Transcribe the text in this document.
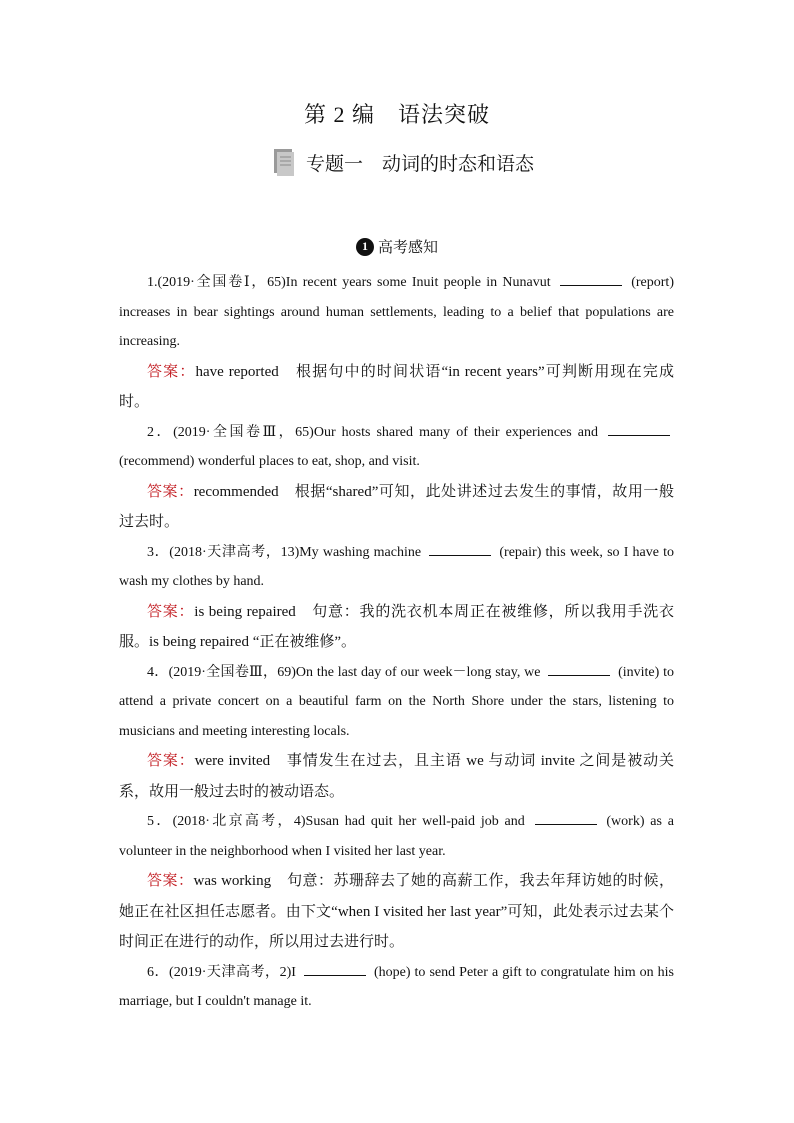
第 2 编　语法突破
专题一　动词的时态和语态
1 高考感知

1.(2019·全国卷Ⅰ，65)In recent years some Inuit people in Nunavut	(report) increases in bear sightings around human settlements, leading to a belief that populations are increasing.

答案：have reported　根据句中的时间状语“in recent years”可判断用现在完成时。

2．(2019·全国卷Ⅲ，65)Our hosts shared many of their experiences and  (recommend) wonderful places to eat, shop, and visit.

答案：recommended　根据“shared”可知，此处讲述过去发生的事情，故用一般过去时。

3．(2018·天津高考，13)My washing machine	(repair) this week, so I have to wash my clothes by hand.

答案：is being repaired　句意：我的洗衣机本周正在被维修，所以我用手洗衣服。is being repaired “正在被维修”。

4．(2019·全国卷Ⅲ，69)On the last day of our week－long stay, we	(invite) to attend a private concert on a beautiful farm on the North Shore under the stars, listening to musicians and meeting interesting locals.

答案：were invited　事情发生在过去，且主语 we 与动词 invite 之间是被动关系，故用一般过去时的被动语态。

5．(2018·北京高考，4)Susan had quit her well-paid job and	(work) as a volunteer in the neighborhood when I visited her last year.

答案：was working　句意：苏珊辞去了她的高薪工作，我去年拜访她的时候，她正在社区担任志愿者。由下文“when I visited her last year”可知，此处表示过去某个时间正在进行的动作，所以用过去进行时。

6．(2019·天津高考，2)I	(hope) to send Peter a gift to congratulate him on his marriage, but I couldn't manage it.
